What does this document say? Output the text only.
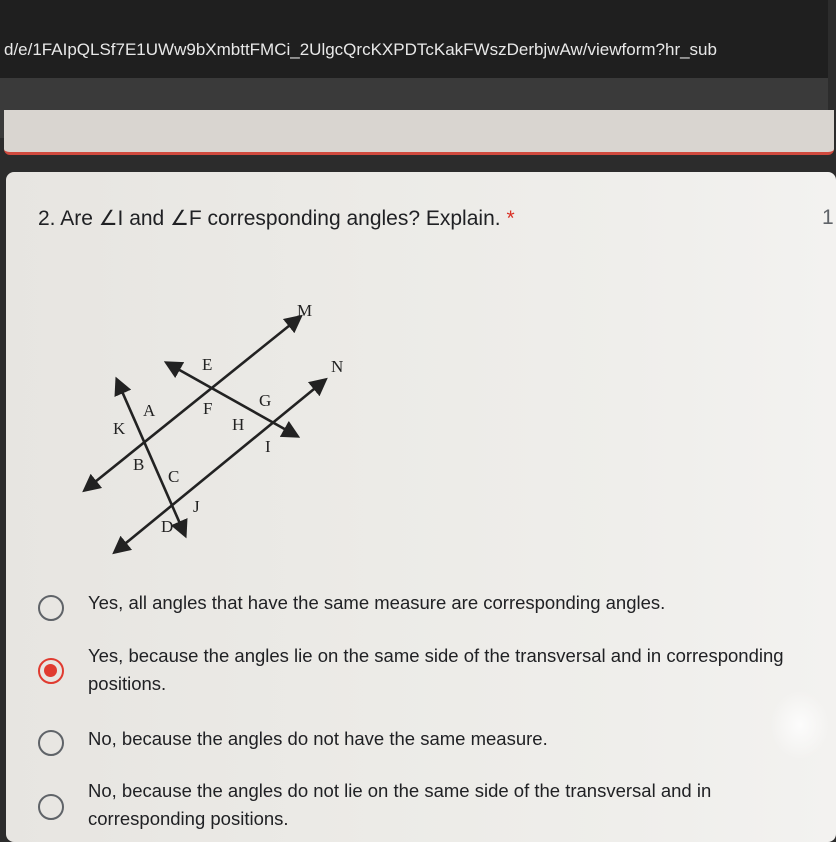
d/e/1FAIpQLSf7E1UWw9bXmbttFMCi_2UlgcQrcKXPDTcKakFWszDerbjwAw/viewform?hr_sub
2. Are ∠I and ∠F corresponding angles? Explain. *	1
M
N
E
A	F	G
K	H
I
B
C
J
D
Yes, all angles that have the same measure are corresponding angles.
Yes, because the angles lie on the same side of the transversal and in corresponding positions.
No, because the angles do not have the same measure.
No, because the angles do not lie on the same side of the transversal and in corresponding positions.
